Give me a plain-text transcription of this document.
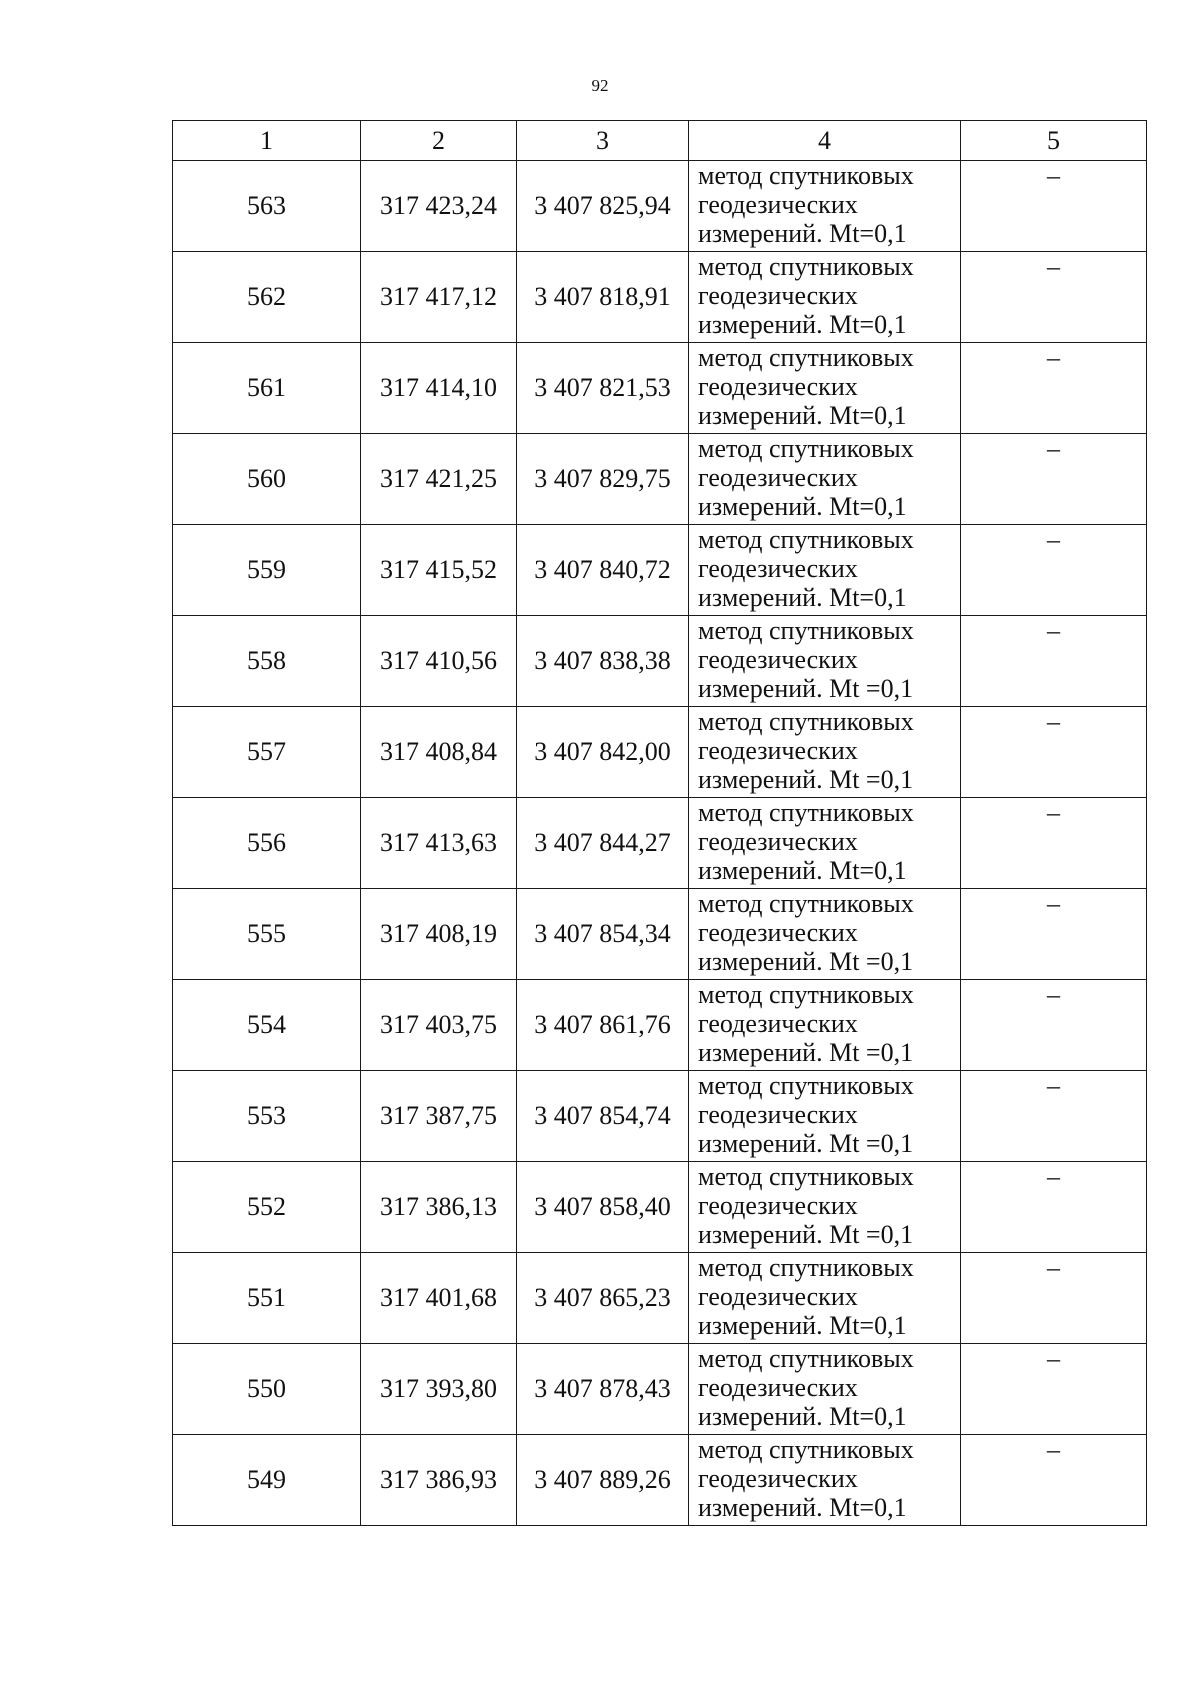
92
1	2	3	4	5
563	317 423,24	3 407 825,94	метод спутниковых
геодезических
измерений. Mt=0,1	–
562	317 417,12	3 407 818,91	метод спутниковых
геодезических
измерений. Mt=0,1	–
561	317 414,10	3 407 821,53	метод спутниковых
геодезических
измерений. Mt=0,1	–
560	317 421,25	3 407 829,75	метод спутниковых
геодезических
измерений. Mt=0,1	–
559	317 415,52	3 407 840,72	метод спутниковых
геодезических
измерений. Mt=0,1	–
558	317 410,56	3 407 838,38	метод спутниковых
геодезических
измерений. Mt =0,1	–
557	317 408,84	3 407 842,00	метод спутниковых
геодезических
измерений. Mt =0,1	–
556	317 413,63	3 407 844,27	метод спутниковых
геодезических
измерений. Mt=0,1	–
555	317 408,19	3 407 854,34	метод спутниковых
геодезических
измерений. Mt =0,1	–
554	317 403,75	3 407 861,76	метод спутниковых
геодезических
измерений. Mt =0,1	–
553	317 387,75	3 407 854,74	метод спутниковых
геодезических
измерений. Mt =0,1	–
552	317 386,13	3 407 858,40	метод спутниковых
геодезических
измерений. Mt =0,1	–
551	317 401,68	3 407 865,23	метод спутниковых
геодезических
измерений. Mt=0,1	–
550	317 393,80	3 407 878,43	метод спутниковых
геодезических
измерений. Mt=0,1	–
549	317 386,93	3 407 889,26	метод спутниковых
геодезических
измерений. Mt=0,1	–
